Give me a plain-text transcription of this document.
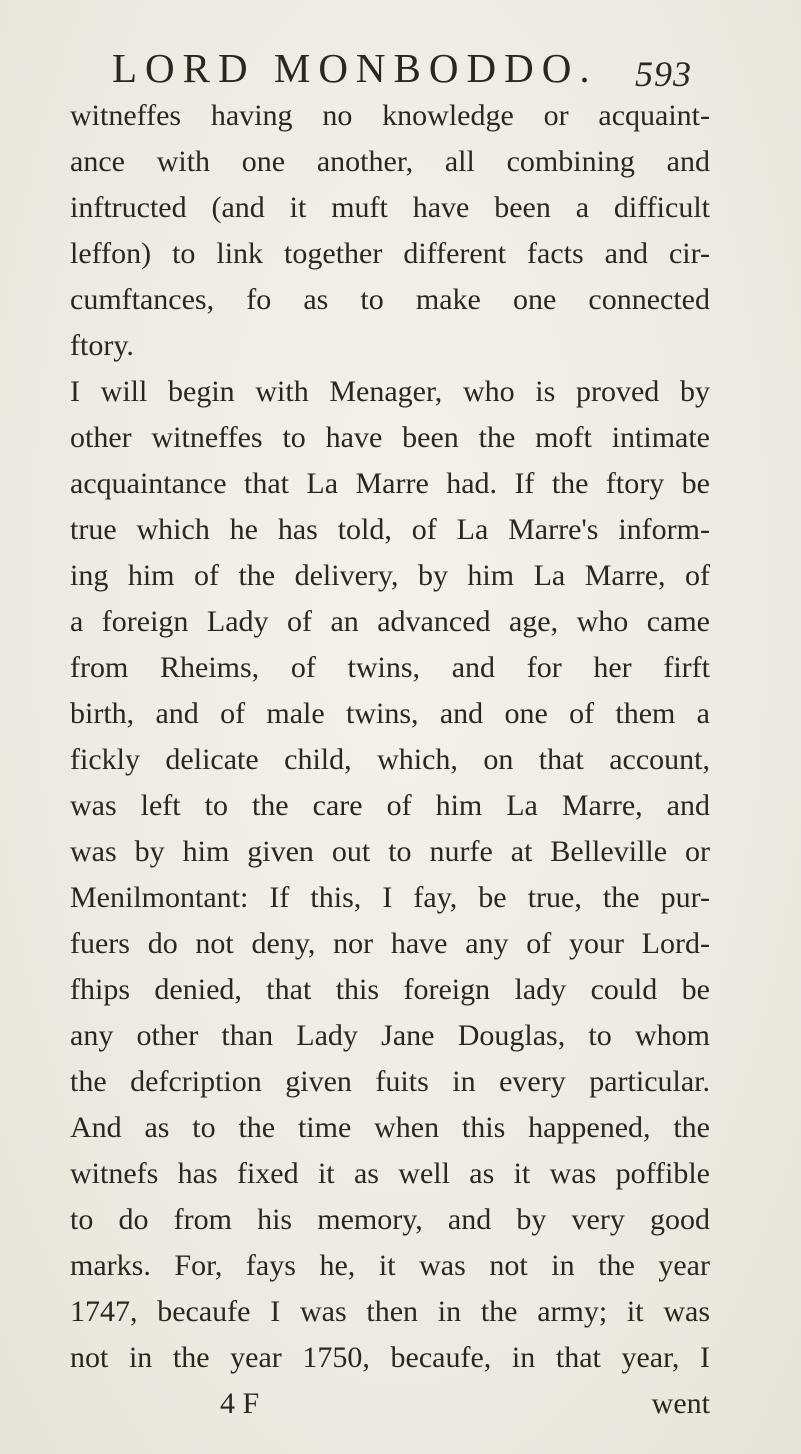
LORD MONBODDO. 593
witneffes having no knowledge or acquaint-
ance with one another, all combining and
inftructed (and it muft have been a difficult
leffon) to link together different facts and cir-
cumftances, fo as to make one connected
ftory.
I will begin with Menager, who is proved by
other witneffes to have been the moft intimate
acquaintance that La Marre had. If the ftory be
true which he has told, of La Marre's inform-
ing him of the delivery, by him La Marre, of
a foreign Lady of an advanced age, who came
from Rheims, of twins, and for her firft
birth, and of male twins, and one of them a
fickly delicate child, which, on that account,
was left to the care of him La Marre, and
was by him given out to nurfe at Belleville or
Menilmontant: If this, I fay, be true, the pur-
fuers do not deny, nor have any of your Lord-
fhips denied, that this foreign lady could be
any other than Lady Jane Douglas, to whom
the defcription given fuits in every particular.
And as to the time when this happened, the
witnefs has fixed it as well as it was poffible
to do from his memory, and by very good
marks. For, fays he, it was not in the year
1747, becaufe I was then in the army; it was
not in the year 1750, becaufe, in that year, I
4 F	went
